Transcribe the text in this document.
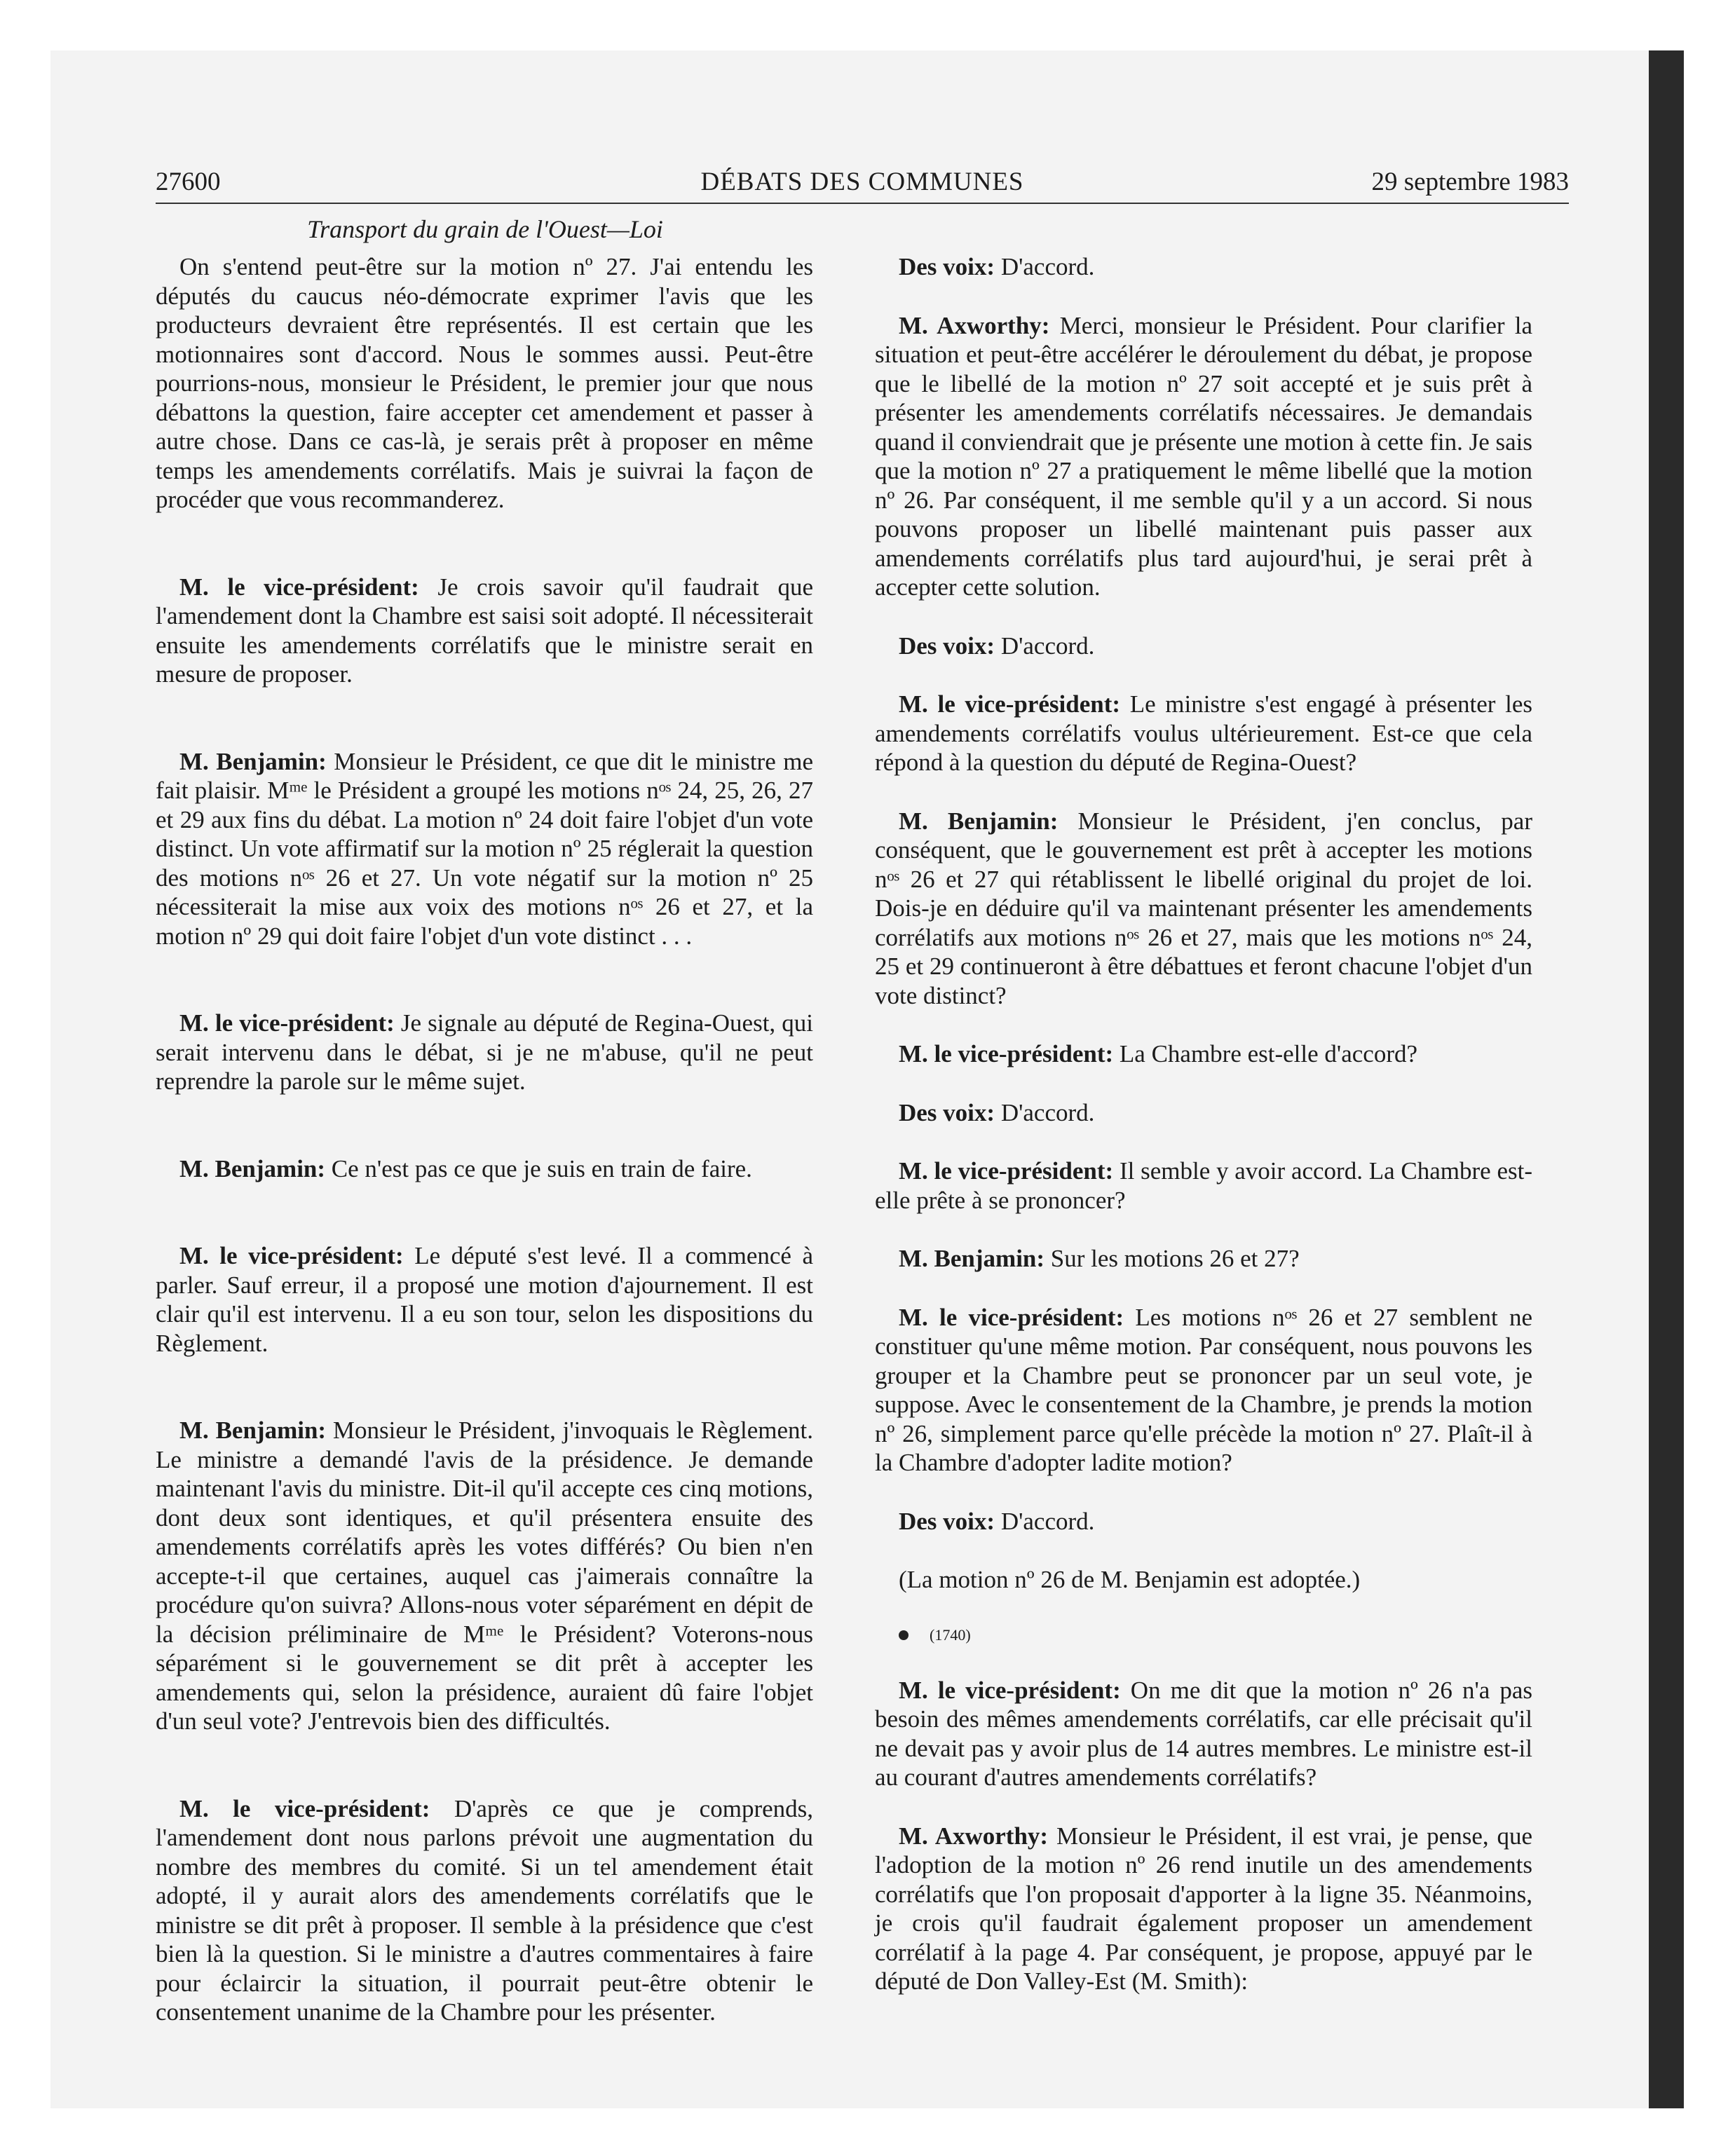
27600	DÉBATS DES COMMUNES	29 septembre 1983
Transport du grain de l'Ouest—Loi

On s'entend peut-être sur la motion nº 27. J'ai entendu les députés du caucus néo-démocrate exprimer l'avis que les producteurs devraient être représentés. Il est certain que les motionnaires sont d'accord. Nous le sommes aussi. Peut-être pourrions-nous, monsieur le Président, le premier jour que nous débattons la question, faire accepter cet amendement et passer à autre chose. Dans ce cas-là, je serais prêt à proposer en même temps les amendements corrélatifs. Mais je suivrai la façon de procéder que vous recommanderez.

M. le vice-président: Je crois savoir qu'il faudrait que l'amendement dont la Chambre est saisi soit adopté. Il nécessiterait ensuite les amendements corrélatifs que le ministre serait en mesure de proposer.

M. Benjamin: Monsieur le Président, ce que dit le ministre me fait plaisir. Mᵐᵉ le Président a groupé les motions nᵒˢ 24, 25, 26, 27 et 29 aux fins du débat. La motion nº 24 doit faire l'objet d'un vote distinct. Un vote affirmatif sur la motion nº 25 réglerait la question des motions nᵒˢ 26 et 27. Un vote négatif sur la motion nº 25 nécessiterait la mise aux voix des motions nᵒˢ 26 et 27, et la motion nº 29 qui doit faire l'objet d'un vote distinct . . .

M. le vice-président: Je signale au député de Regina-Ouest, qui serait intervenu dans le débat, si je ne m'abuse, qu'il ne peut reprendre la parole sur le même sujet.

M. Benjamin: Ce n'est pas ce que je suis en train de faire.

M. le vice-président: Le député s'est levé. Il a commencé à parler. Sauf erreur, il a proposé une motion d'ajournement. Il est clair qu'il est intervenu. Il a eu son tour, selon les dispositions du Règlement.

M. Benjamin: Monsieur le Président, j'invoquais le Règlement. Le ministre a demandé l'avis de la présidence. Je demande maintenant l'avis du ministre. Dit-il qu'il accepte ces cinq motions, dont deux sont identiques, et qu'il présentera ensuite des amendements corrélatifs après les votes différés? Ou bien n'en accepte-t-il que certaines, auquel cas j'aimerais connaître la procédure qu'on suivra? Allons-nous voter séparément en dépit de la décision préliminaire de Mᵐᵉ le Président? Voterons-nous séparément si le gouvernement se dit prêt à accepter les amendements qui, selon la présidence, auraient dû faire l'objet d'un seul vote? J'entrevois bien des difficultés.

M. le vice-président: D'après ce que je comprends, l'amendement dont nous parlons prévoit une augmentation du nombre des membres du comité. Si un tel amendement était adopté, il y aurait alors des amendements corrélatifs que le ministre se dit prêt à proposer. Il semble à la présidence que c'est bien là la question. Si le ministre a d'autres commentaires à faire pour éclaircir la situation, il pourrait peut-être obtenir le consentement unanime de la Chambre pour les présenter.

Des voix: D'accord.

M. Axworthy: Merci, monsieur le Président. Pour clarifier la situation et peut-être accélérer le déroulement du débat, je propose que le libellé de la motion nº 27 soit accepté et je suis prêt à présenter les amendements corrélatifs nécessaires. Je demandais quand il conviendrait que je présente une motion à cette fin. Je sais que la motion nº 27 a pratiquement le même libellé que la motion nº 26. Par conséquent, il me semble qu'il y a un accord. Si nous pouvons proposer un libellé maintenant puis passer aux amendements corrélatifs plus tard aujourd'hui, je serai prêt à accepter cette solution.

Des voix: D'accord.

M. le vice-président: Le ministre s'est engagé à présenter les amendements corrélatifs voulus ultérieurement. Est-ce que cela répond à la question du député de Regina-Ouest?

M. Benjamin: Monsieur le Président, j'en conclus, par conséquent, que le gouvernement est prêt à accepter les motions nᵒˢ 26 et 27 qui rétablissent le libellé original du projet de loi. Dois-je en déduire qu'il va maintenant présenter les amendements corrélatifs aux motions nᵒˢ 26 et 27, mais que les motions nᵒˢ 24, 25 et 29 continueront à être débattues et feront chacune l'objet d'un vote distinct?

M. le vice-président: La Chambre est-elle d'accord?

Des voix: D'accord.

M. le vice-président: Il semble y avoir accord. La Chambre est-elle prête à se prononcer?

M. Benjamin: Sur les motions 26 et 27?

M. le vice-président: Les motions nᵒˢ 26 et 27 semblent ne constituer qu'une même motion. Par conséquent, nous pouvons les grouper et la Chambre peut se prononcer par un seul vote, je suppose. Avec le consentement de la Chambre, je prends la motion nº 26, simplement parce qu'elle précède la motion nº 27. Plaît-il à la Chambre d'adopter ladite motion?

Des voix: D'accord.

(La motion nº 26 de M. Benjamin est adoptée.)

(1740)

M. le vice-président: On me dit que la motion nº 26 n'a pas besoin des mêmes amendements corrélatifs, car elle précisait qu'il ne devait pas y avoir plus de 14 autres membres. Le ministre est-il au courant d'autres amendements corrélatifs?

M. Axworthy: Monsieur le Président, il est vrai, je pense, que l'adoption de la motion nº 26 rend inutile un des amendements corrélatifs que l'on proposait d'apporter à la ligne 35. Néanmoins, je crois qu'il faudrait également proposer un amendement corrélatif à la page 4. Par conséquent, je propose, appuyé par le député de Don Valley-Est (M. Smith):
